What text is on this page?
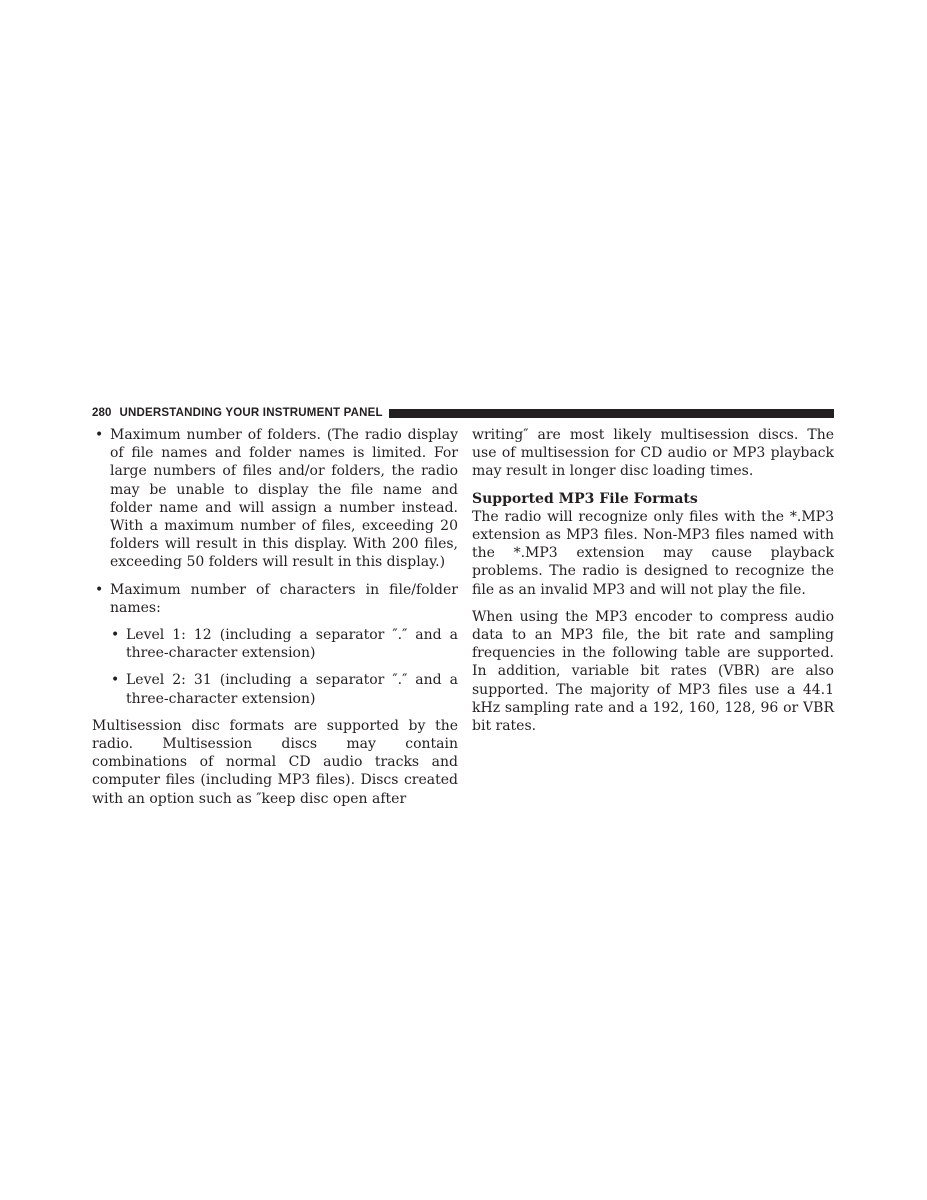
280 UNDERSTANDING YOUR INSTRUMENT PANEL
• Maximum number of folders. (The radio display of file names and folder names is limited. For large numbers of files and/or folders, the radio may be unable to display the file name and folder name and will assign a number instead. With a maximum number of files, exceeding 20 folders will result in this display. With 200 files, exceeding 50 folders will result in this display.)
• Maximum number of characters in file/folder names:
• Level 1: 12 (including a separator ″.″ and a three-character extension)
• Level 2: 31 (including a separator ″.″ and a three-character extension)

Multisession disc formats are supported by the radio. Multisession discs may contain combinations of normal CD audio tracks and computer files (including MP3 files). Discs created with an option such as ″keep disc open after

writing″ are most likely multisession discs. The use of multisession for CD audio or MP3 playback may result in longer disc loading times.

Supported MP3 File Formats

The radio will recognize only files with the *.MP3 extension as MP3 files. Non-MP3 files named with the *.MP3 extension may cause playback problems. The radio is designed to recognize the file as an invalid MP3 and will not play the file.

When using the MP3 encoder to compress audio data to an MP3 file, the bit rate and sampling frequencies in the following table are supported. In addition, variable bit rates (VBR) are also supported. The majority of MP3 files use a 44.1 kHz sampling rate and a 192, 160, 128, 96 or VBR bit rates.
